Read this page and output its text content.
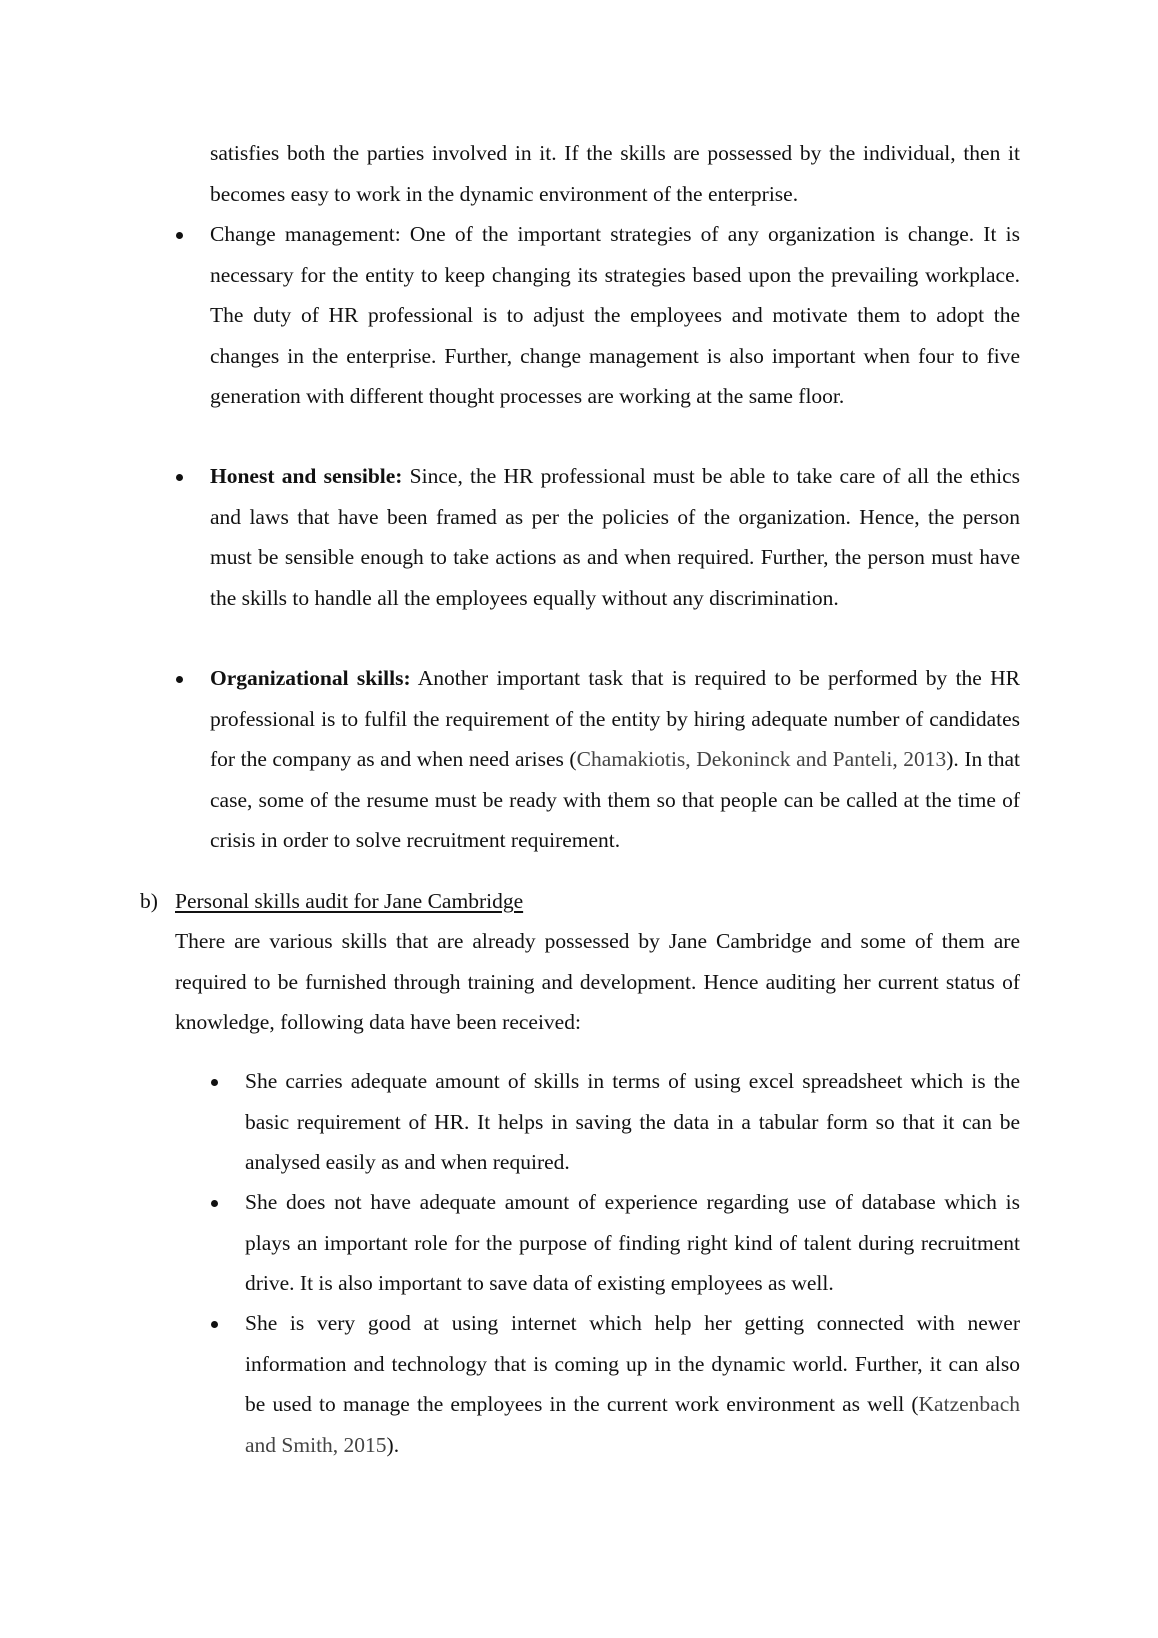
satisfies both the parties involved in it. If the skills are possessed by the individual, then it becomes easy to work in the dynamic environment of the enterprise.
Change management: One of the important strategies of any organization is change. It is necessary for the entity to keep changing its strategies based upon the prevailing workplace. The duty of HR professional is to adjust the employees and motivate them to adopt the changes in the enterprise. Further, change management is also important when four to five generation with different thought processes are working at the same floor.
Honest and sensible: Since, the HR professional must be able to take care of all the ethics and laws that have been framed as per the policies of the organization. Hence, the person must be sensible enough to take actions as and when required. Further, the person must have the skills to handle all the employees equally without any discrimination.
Organizational skills: Another important task that is required to be performed by the HR professional is to fulfil the requirement of the entity by hiring adequate number of candidates for the company as and when need arises (Chamakiotis, Dekoninck and Panteli, 2013). In that case, some of the resume must be ready with them so that people can be called at the time of crisis in order to solve recruitment requirement.
b) Personal skills audit for Jane Cambridge
There are various skills that are already possessed by Jane Cambridge and some of them are required to be furnished through training and development. Hence auditing her current status of knowledge, following data have been received:
She carries adequate amount of skills in terms of using excel spreadsheet which is the basic requirement of HR. It helps in saving the data in a tabular form so that it can be analysed easily as and when required.
She does not have adequate amount of experience regarding use of database which is plays an important role for the purpose of finding right kind of talent during recruitment drive. It is also important to save data of existing employees as well.
She is very good at using internet which help her getting connected with newer information and technology that is coming up in the dynamic world. Further, it can also be used to manage the employees in the current work environment as well (Katzenbach and Smith, 2015).
